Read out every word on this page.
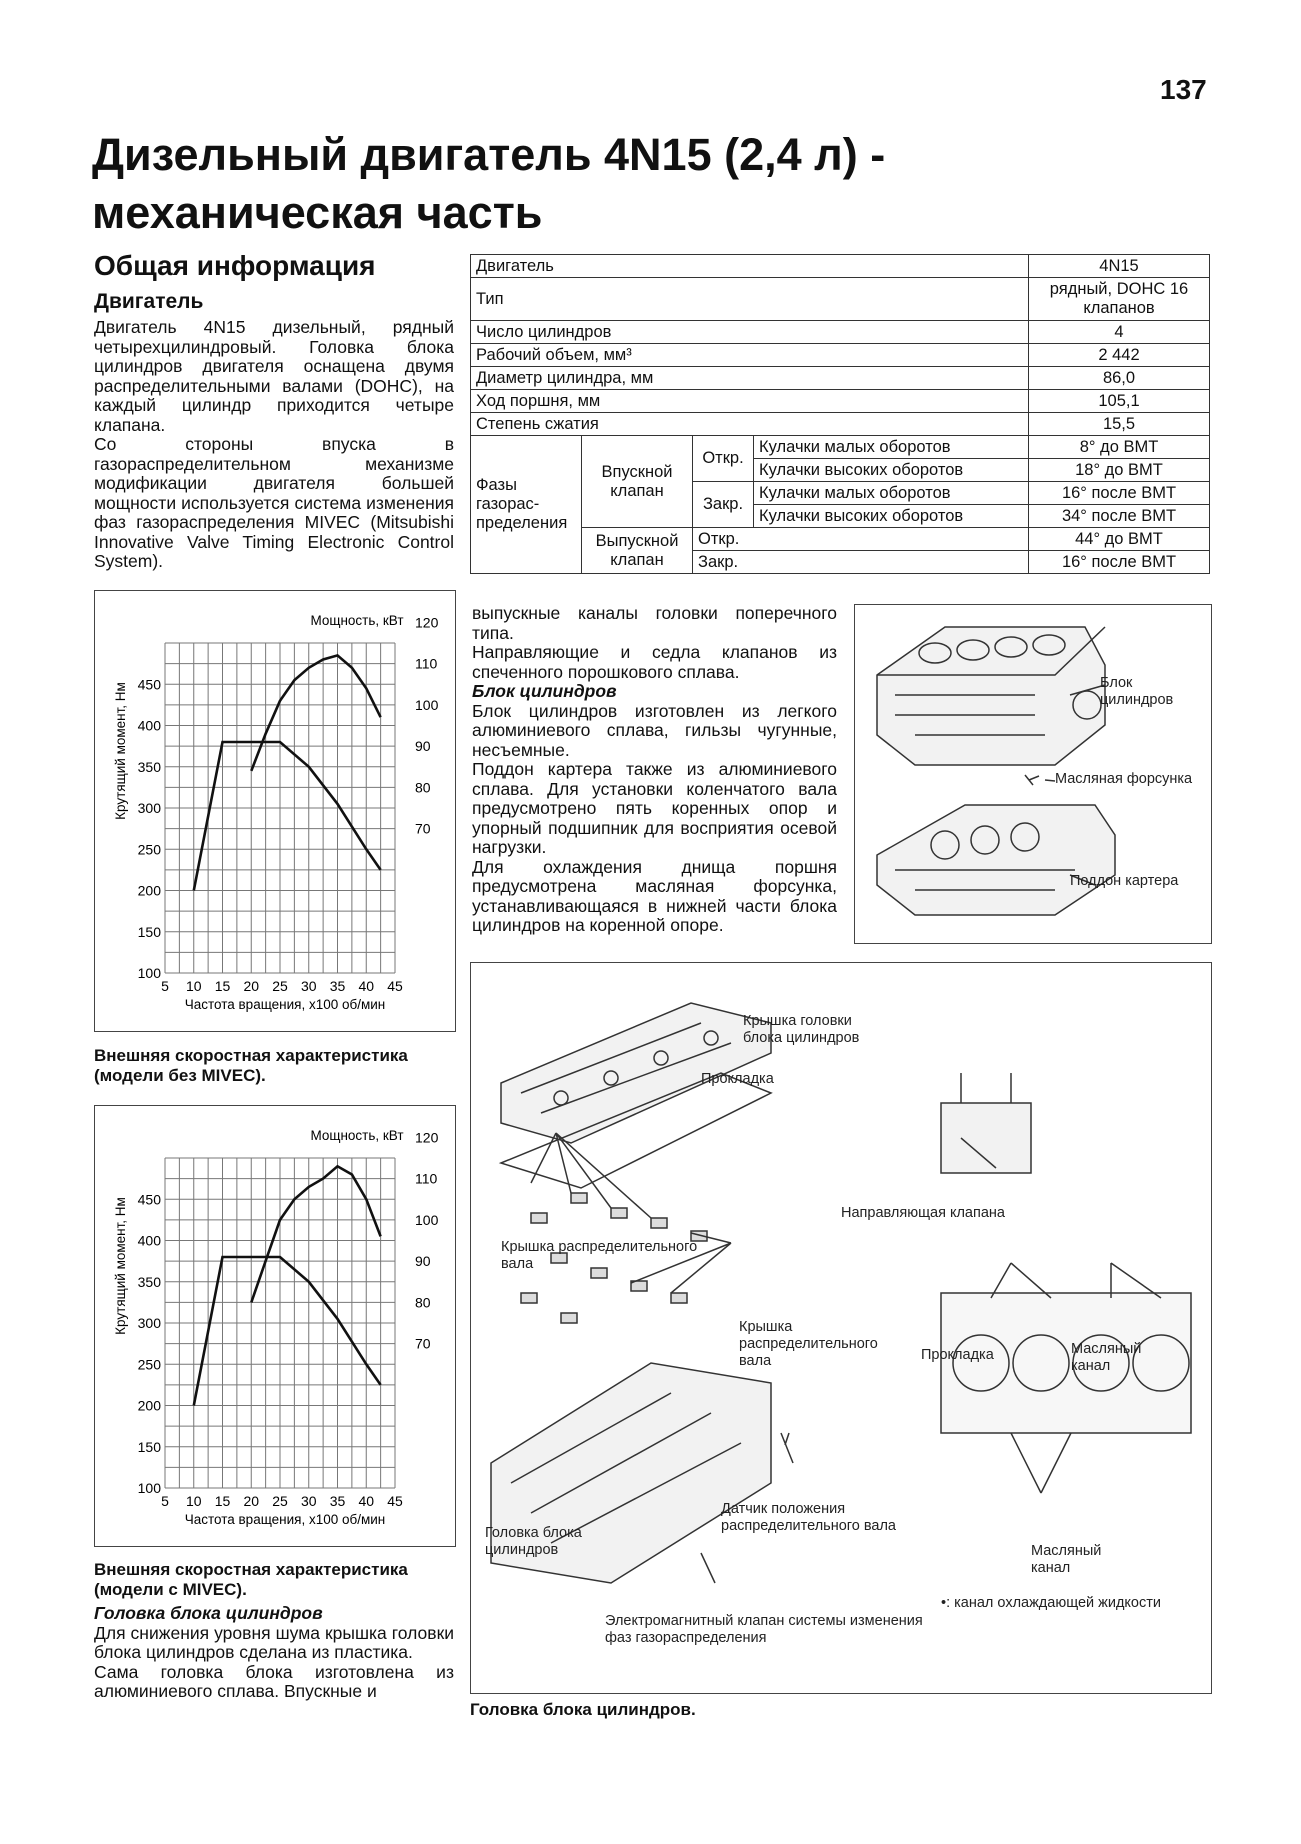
137
Дизельный двигатель 4N15 (2,4 л) -
механическая часть
Общая информация
Двигатель

Двигатель 4N15 дизельный, рядный четырехцилиндровый. Головка блока цилиндров двигателя оснащена двумя распределительными валами (DOHC), на каждый цилиндр приходится четыре клапана.

Со стороны впуска в газораспределительном механизме модификации двигателя большей мощности используется система изменения фаз газораспределения MIVEC (Mitsubishi Innovative Valve Timing Electronic Control System).

Двигатель				4N15
Тип				рядный, DOHC 16 клапанов
Число цилиндров				4
Рабочий объем, мм³				2 442
Диаметр цилиндра, мм				86,0
Ход поршня, мм				105,1
Степень сжатия				15,5
Фазы газорас-пределения	Впускной клапан	Откр.	Кулачки малых оборотов	8° до ВМТ
			Кулачки высоких оборотов	18° до ВМТ
		Закр.	Кулачки малых оборотов	16° после ВМТ
			Кулачки высоких оборотов	34° после ВМТ
	Выпускной клапан	Откр.		44° до ВМТ
		Закр.		16° после ВМТ
5 10 15 20 25 30 35 40 45
100
150
200
250
300
350
400
450
70
80
90
100
110
120
Частота вращения, x100 об/мин
Мощность, кВт
Крутящий момент, Нм
Внешняя скоростная характеристика (модели без MIVEC).
5 10 15 20 25 30 35 40 45
100
150
200
250
300
350
400
450
70
80
90
100
110
120
Частота вращения, x100 об/мин
Мощность, кВт
Крутящий момент, Нм
Внешняя скоростная характеристика (модели с MIVEC).

Головка блока цилиндров

Для снижения уровня шума крышка головки блока цилиндров сделана из пластика.

Сама головка блока изготовлена из алюминиевого сплава. Впускные и

выпускные каналы головки поперечного типа.

Направляющие и седла клапанов из спеченного порошкового сплава.

Блок цилиндров

Блок цилиндров изготовлен из легкого алюминиевого сплава, гильзы чугунные, несъемные.

Поддон картера также из алюминиевого сплава. Для установки коленчатого вала предусмотрено пять коренных опор и упорный подшипник для восприятия осевой нагрузки.

Для охлаждения днища поршня предусмотрена масляная форсунка, устанавливающаяся в нижней части блока цилиндров на коренной опоре.

Блок цилиндров
Масляная форсунка
Поддон картера
Крышка головки блока цилиндров
Прокладка
Направляющая клапана
Крышка распределительного вала
Крышка распределительного вала	Прокладка	Масляный канал
Масляный канал
Датчик положения распределительного вала
Головка блока цилиндров
•: канал охлаждающей жидкости
Электромагнитный клапан системы изменения фаз газораспределения
Головка блока цилиндров.
